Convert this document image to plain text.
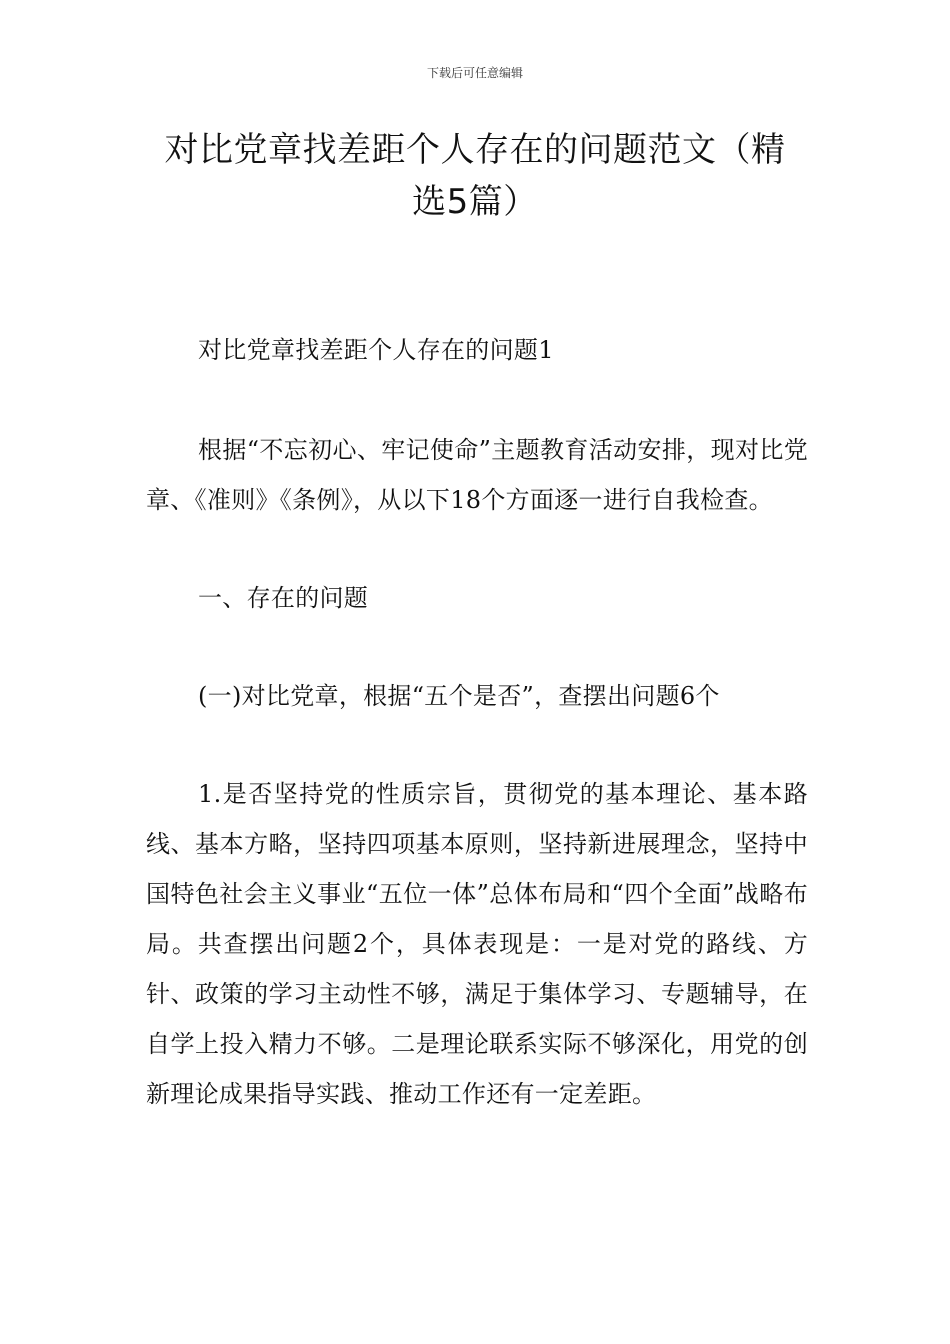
下载后可任意编辑
对比党章找差距个人存在的问题范文（精选5篇）

对比党章找差距个人存在的问题1

根据“不忘初心、牢记使命”主题教育活动安排，现对比党章、《准则》《条例》，从以下18个方面逐一进行自我检查。

一、存在的问题

(一)对比党章，根据“五个是否”，查摆出问题6个

1.是否坚持党的性质宗旨，贯彻党的基本理论、基本路线、基本方略，坚持四项基本原则，坚持新进展理念，坚持中国特色社会主义事业“五位一体”总体布局和“四个全面”战略布局。共查摆出问题2个，具体表现是：一是对党的路线、方针、政策的学习主动性不够，满足于集体学习、专题辅导，在自学上投入精力不够。二是理论联系实际不够深化，用党的创新理论成果指导实践、推动工作还有一定差距。
